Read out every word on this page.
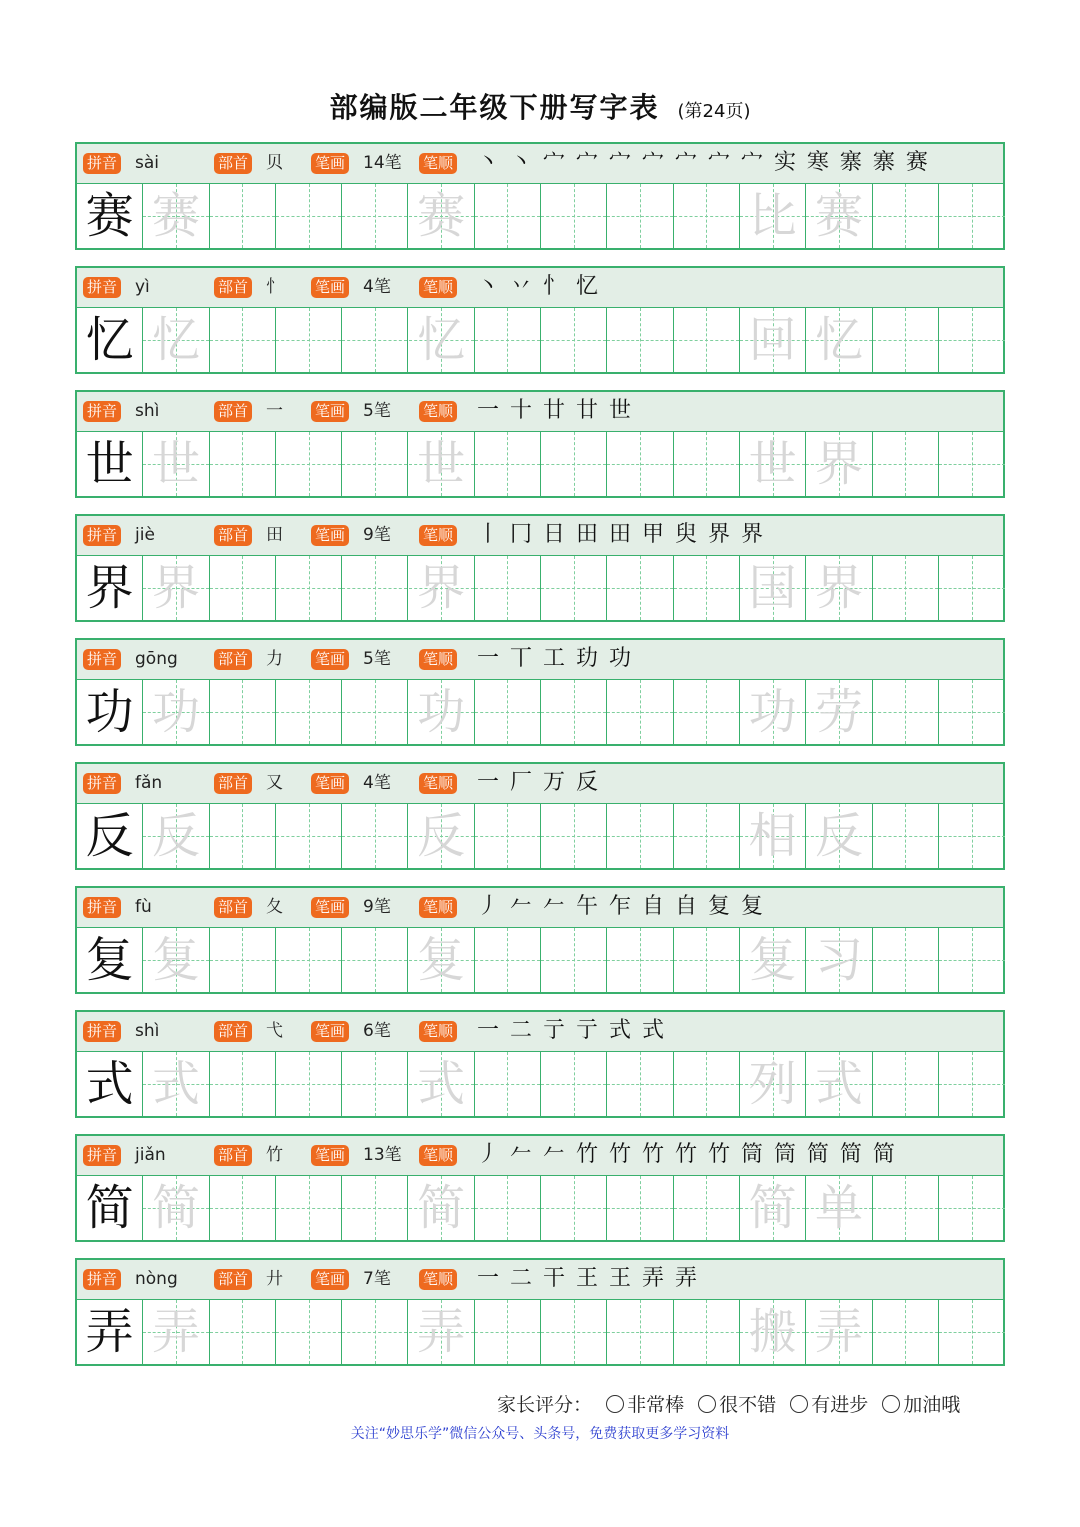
部编版二年级下册写字表 (第24页)
拼音 sài	部首 贝 笔画 14笔 笔顺 丶 丶 宀 宀 宀 宀 宀 宀 宀 实 寒 寨 寨 赛
赛 赛	赛	比 赛
拼音 yì	部首 忄 笔画 4笔 笔顺 丶 丷 忄 忆
忆 忆	忆	回 忆
拼音 shì	部首 一 笔画 5笔 笔顺 一 十 廿 廿 世
世 世	世	世 界
拼音 jiè	部首 田 笔画 9笔 笔顺 丨 冂 日 田 田 甲 臾 界 界
界 界	界	国 界
拼音 gōng	部首 力 笔画 5笔 笔顺 一 丅 工 玏 功
功 功	功	功 劳
拼音 fǎn	部首 又 笔画 4笔 笔顺 一 厂 万 反
反 反	反	相 反
拼音 fù	部首 夂 笔画 9笔 笔顺 丿 𠂉 𠂉 午 乍 自 自 复 复
复 复	复	复 习
拼音 shì	部首 弋 笔画 6笔 笔顺 一 二 亍 亍 式 式
式 式	式	列 式
拼音 jiǎn	部首 竹 笔画 13笔 笔顺 丿 𠂉 𠂉 竹 竹 竹 竹 竹 筒 筒 简 简 简
简 简	简	简 单
拼音 nòng	部首 廾 笔画 7笔 笔顺 一 二 干 王 王 弄 弄
弄 弄	弄	搬 弄
家长评分： 非常棒 很不错 有进步 加油哦
关注“妙思乐学”微信公众号、头条号，免费获取更多学习资料
